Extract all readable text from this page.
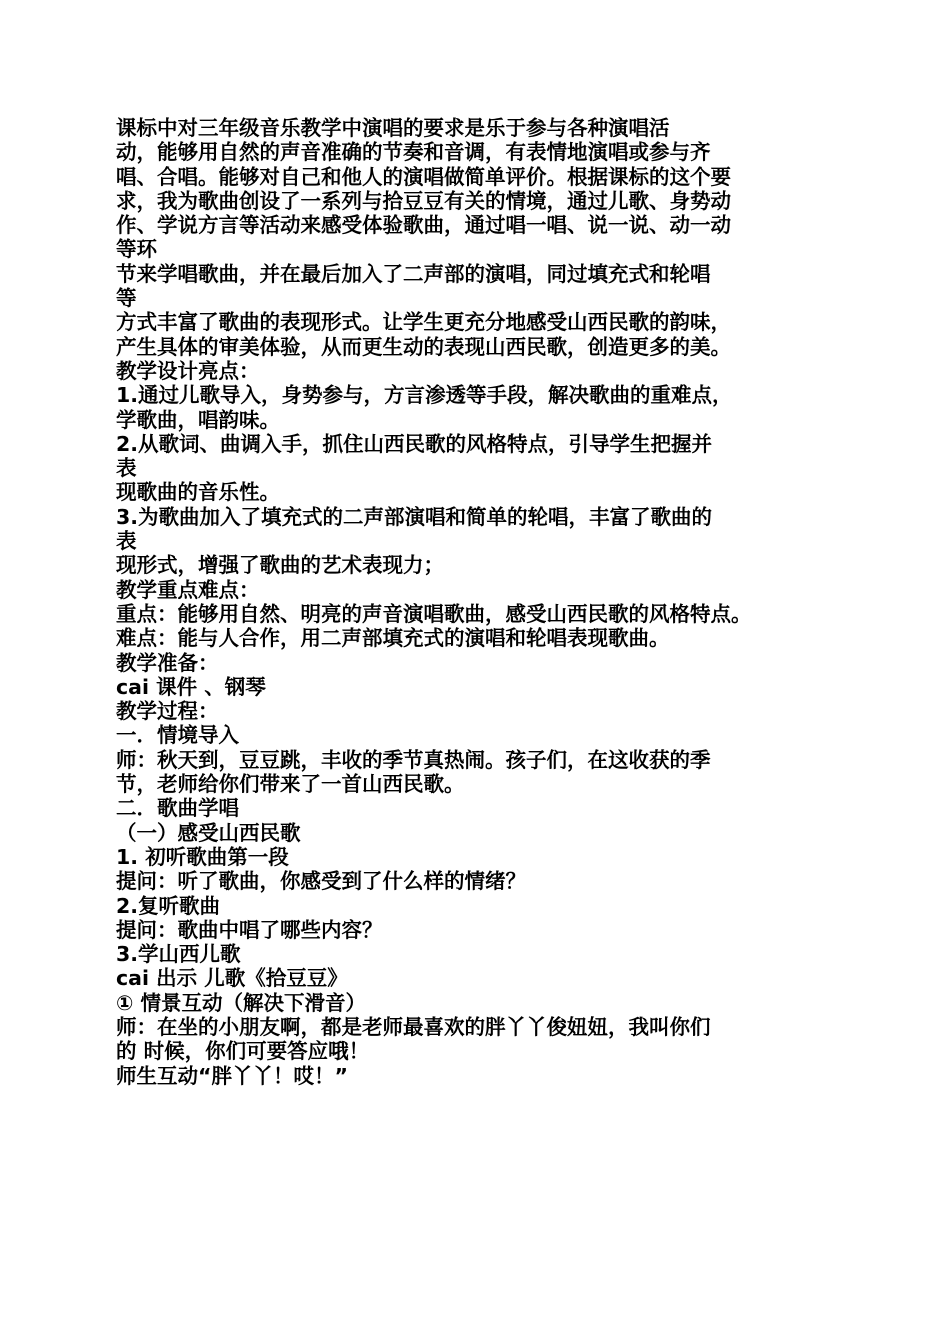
课标中对三年级音乐教学中演唱的要求是乐于参与各种演唱活
动，能够用自然的声音准确的节奏和音调，有表情地演唱或参与齐
唱、合唱。能够对自己和他人的演唱做简单评价。根据课标的这个要
求，我为歌曲创设了一系列与拾豆豆有关的情境，通过儿歌、身势动
作、学说方言等活动来感受体验歌曲，通过唱一唱、说一说、动一动
等环
节来学唱歌曲，并在最后加入了二声部的演唱，同过填充式和轮唱
等
方式丰富了歌曲的表现形式。让学生更充分地感受山西民歌的韵味，
产生具体的审美体验，从而更生动的表现山西民歌，创造更多的美。
教学设计亮点：
1.通过儿歌导入，身势参与，方言渗透等手段，解决歌曲的重难点，
学歌曲，唱韵味。
2.从歌词、曲调入手，抓住山西民歌的风格特点，引导学生把握并
表
现歌曲的音乐性。
3.为歌曲加入了填充式的二声部演唱和简单的轮唱，丰富了歌曲的
表
现形式，增强了歌曲的艺术表现力；
教学重点难点：
重点：能够用自然、明亮的声音演唱歌曲，感受山西民歌的风格特点。
难点：能与人合作，用二声部填充式的演唱和轮唱表现歌曲。
教学准备：
cai 课件 、钢琴
教学过程：
一．情境导入
师：秋天到，豆豆跳，丰收的季节真热闹。孩子们，在这收获的季
节，老师给你们带来了一首山西民歌。
二．歌曲学唱
（一）感受山西民歌
1. 初听歌曲第一段
提问：听了歌曲，你感受到了什么样的情绪？
2.复听歌曲
提问：歌曲中唱了哪些内容？
3.学山西儿歌
cai 出示 儿歌《拾豆豆》
① 情景互动（解决下滑音）
师：在坐的小朋友啊，都是老师最喜欢的胖丫丫俊妞妞，我叫你们
的 时候，你们可要答应哦！
师生互动“胖丫丫！哎！”
